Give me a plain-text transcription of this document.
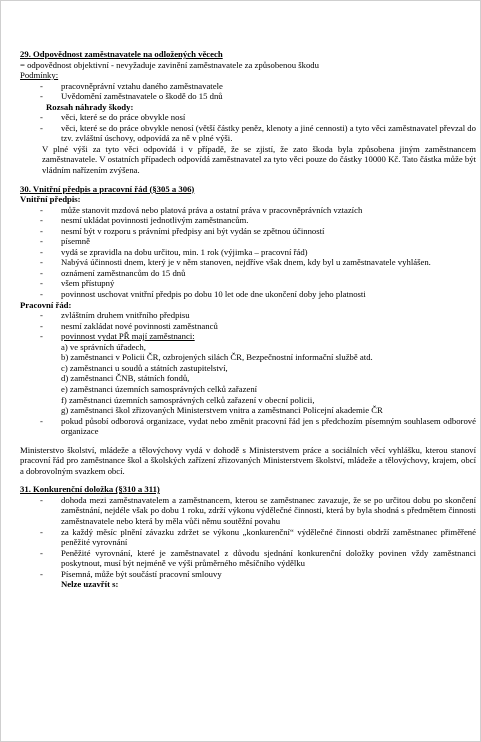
29. Odpovědnost zaměstnavatele na odložených věcech
= odpovědnost objektivní - nevyžaduje zavinění zaměstnavatele za způsobenou škodu
Podmínky:
- pracovněprávní vztahu daného zaměstnavatele
- Uvědomění zaměstnavatele o škodě do 15 dnů
Rozsah náhrady škody:
- věci, které se do práce obvykle nosí
- věci, které se do práce obvykle nenosí (větší částky peněz, klenoty a jiné cennosti) a tyto věci zaměstnavatel převzal do tzv. zvláštní úschovy, odpovídá za ně v plné výši.
V plné výši za tyto věci odpovídá i v případě, že se zjistí, že zato škoda byla způsobena jiným zaměstnancem zaměstnavatele. V ostatních případech odpovídá zaměstnavatel za tyto věci pouze do částky 10000 Kč. Tato částka může být vládním nařízením zvýšena.
30. Vnitřní předpis a pracovní řád (§305 a 306)
Vnitřní předpis:
- může stanovit mzdová nebo platová práva a ostatní práva v pracovněprávních vztazích
- nesmí ukládat povinnosti jednotlivým zaměstnancům.
- nesmí být v rozporu s právními předpisy ani být vydán se zpětnou účinností
- písemně
- vydá se zpravidla na dobu určitou, min. 1 rok (výjimka – pracovní řád)
- Nabývá účinnosti dnem, který je v něm stanoven, nejdříve však dnem, kdy byl u zaměstnavatele vyhlášen.
- oznámení zaměstnancům do 15 dnů
- všem přístupný
- povinnost uschovat vnitřní předpis po dobu 10 let ode dne ukončení doby jeho platnosti
Pracovní řád:
- zvláštním druhem vnitřního předpisu
- nesmí zakládat nové povinnosti zaměstnanců
- povinnost vydat PŘ mají zaměstnanci:
a) ve správních úřadech,
b) zaměstnanci v Policii ČR, ozbrojených silách ČR, Bezpečnostní informační službě atd.
c) zaměstnanci u soudů a státních zastupitelství,
d) zaměstnanci ČNB, státních fondů,
e) zaměstnanci územních samosprávných celků zařazení
f) zaměstnanci územních samosprávných celků zařazení v obecní policii,
g) zaměstnanci škol zřizovaných Ministerstvem vnitra a zaměstnanci Policejní akademie ČR
- pokud působí odborová organizace, vydat nebo změnit pracovní řád jen s předchozím písemným souhlasem odborové organizace
Ministerstvo školství, mládeže a tělovýchovy vydá v dohodě s Ministerstvem práce a sociálních věcí vyhlášku, kterou stanoví pracovní řád pro zaměstnance škol a školských zařízení zřizovaných Ministerstvem školství, mládeže a tělovýchovy, krajem, obcí a dobrovolným svazkem obcí.
31. Konkurenční doložka (§310 a 311)
- dohoda mezi zaměstnavatelem a zaměstnancem, kterou se zaměstnanec zavazuje, že se po určitou dobu po skončení zaměstnání, nejdéle však po dobu 1 roku, zdrží výkonu výdělečné činnosti, která by byla shodná s předmětem činnosti zaměstnavatele nebo která by měla vůči němu soutěžní povahu
- za každý měsíc plnění závazku zdržet se výkonu „konkurenční“ výdělečné činnosti obdrží zaměstnanec přiměřené peněžité vyrovnání
- Peněžité vyrovnání, které je zaměstnavatel z důvodu sjednání konkurenční doložky povinen vždy zaměstnanci poskytnout, musí být nejméně ve výši průměrného měsíčního výdělku
- Písemná, může být součástí pracovní smlouvy
Nelze uzavřít s:
